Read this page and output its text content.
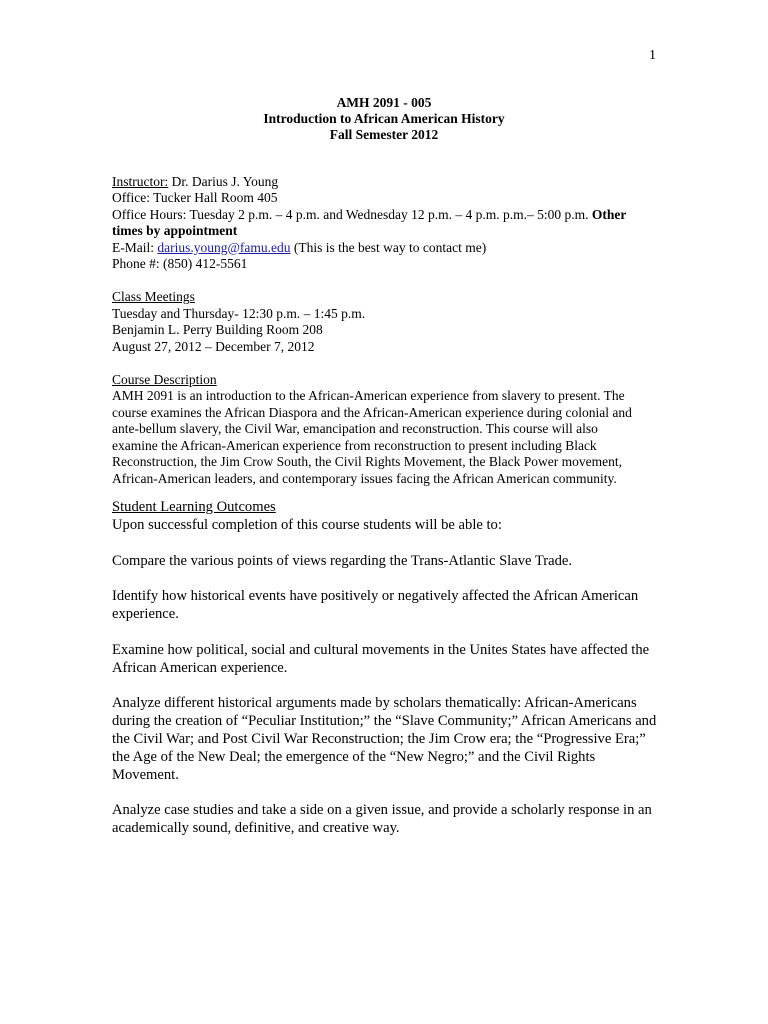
1
AMH 2091 - 005
Introduction to African American History
Fall Semester 2012
Instructor: Dr. Darius J. Young
Office: Tucker Hall Room 405
Office Hours: Tuesday 2 p.m. – 4 p.m. and Wednesday 12 p.m. – 4 p.m. p.m.– 5:00 p.m. Other
times by appointment
E-Mail: darius.young@famu.edu (This is the best way to contact me)
Phone #: (850) 412-5561
Class Meetings
Tuesday and Thursday- 12:30 p.m. – 1:45 p.m.
Benjamin L. Perry Building Room 208
August 27, 2012 – December 7, 2012
Course Description
AMH 2091 is an introduction to the African-American experience from slavery to present. The
course examines the African Diaspora and the African-American experience during colonial and
ante-bellum slavery, the Civil War, emancipation and reconstruction. This course will also
examine the African-American experience from reconstruction to present including Black
Reconstruction, the Jim Crow South, the Civil Rights Movement, the Black Power movement,
African-American leaders, and contemporary issues facing the African American community.
Student Learning Outcomes

Upon successful completion of this course students will be able to:

Compare the various points of views regarding the Trans-Atlantic Slave Trade.

Identify how historical events have positively or negatively affected the African American experience.

Examine how political, social and cultural movements in the Unites States have affected the African American experience.

Analyze different historical arguments made by scholars thematically: African-Americans during the creation of “Peculiar Institution;” the “Slave Community;” African Americans and the Civil War; and Post Civil War Reconstruction; the Jim Crow era; the “Progressive Era;” the Age of the New Deal; the emergence of the “New Negro;” and the Civil Rights Movement.

Analyze case studies and take a side on a given issue, and provide a scholarly response in an academically sound, definitive, and creative way.
